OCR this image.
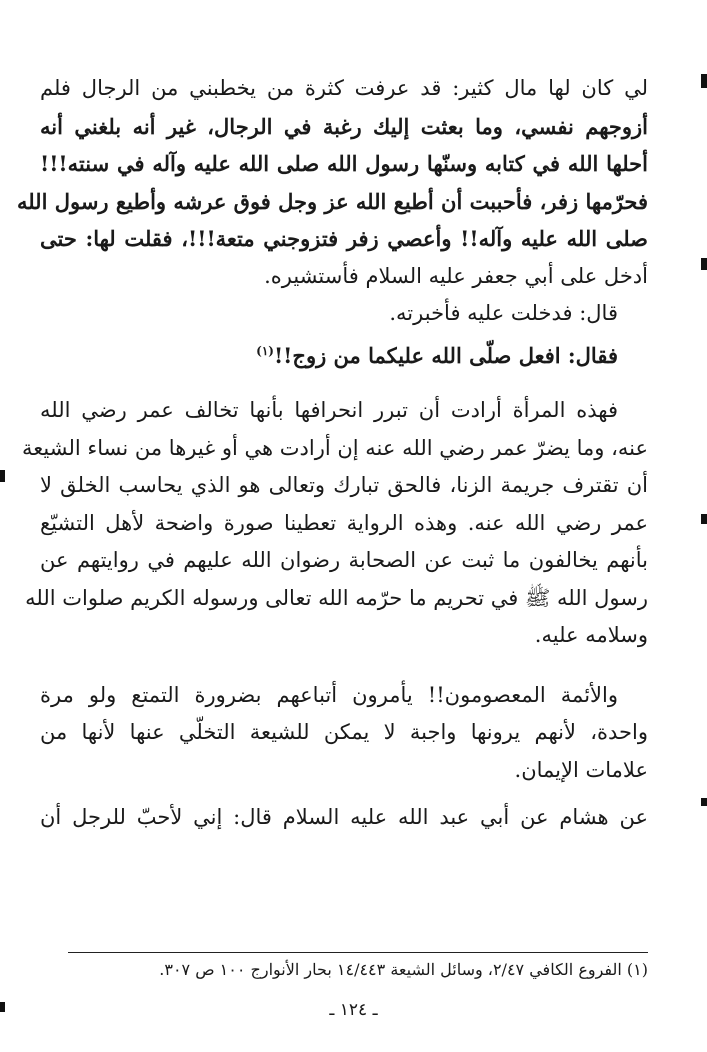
لي كان لها مال كثير: قد عرفت كثرة من يخطبني من الرجال فلم
أزوجهم نفسي، وما بعثت إليك رغبة في الرجال، غير أنه بلغني أنه
أحلها الله في كتابه وسنّها رسول الله صلى الله عليه وآله في سنته!!!
فحرّمها زفر، فأحببت أن أطيع الله عز وجل فوق عرشه وأطيع رسول الله
صلى الله عليه وآله!! وأعصي زفر فتزوجني متعة!!!، فقلت لها: حتى
أدخل على أبي جعفر عليه السلام فأستشيره.
قال: فدخلت عليه فأخبرته.
فقال: افعل صلّى الله عليكما من زوج!!$^{(١)}$
فهذه المرأة أرادت أن تبرر انحرافها بأنها تخالف عمر رضي الله
عنه، وما يضرّ عمر رضي الله عنه إن أرادت هي أو غيرها من نساء الشيعة
أن تقترف جريمة الزنا، فالحق تبارك وتعالى هو الذي يحاسب الخلق لا
عمر رضي الله عنه. وهذه الرواية تعطينا صورة واضحة لأهل التشيّع
بأنهم يخالفون ما ثبت عن الصحابة رضوان الله عليهم في روايتهم عن
رسول الله ﷺ في تحريم ما حرّمه الله تعالى ورسوله الكريم صلوات الله
وسلامه عليه.
والأئمة المعصومون!! يأمرون أتباعهم بضرورة التمتع ولو مرة
واحدة، لأنهم يرونها واجبة لا يمكن للشيعة التخلّي عنها لأنها من
علامات الإيمان.
عن هشام عن أبي عبد الله عليه السلام قال: إني لأحبّ للرجل أن
(١) الفروع الكافي ٢/٤٧، وسائل الشيعة ١٤/٤٤٣ بحار الأنوارج ١٠٠ ص ٣٠٧.
ـ ١٢٤ ـ
